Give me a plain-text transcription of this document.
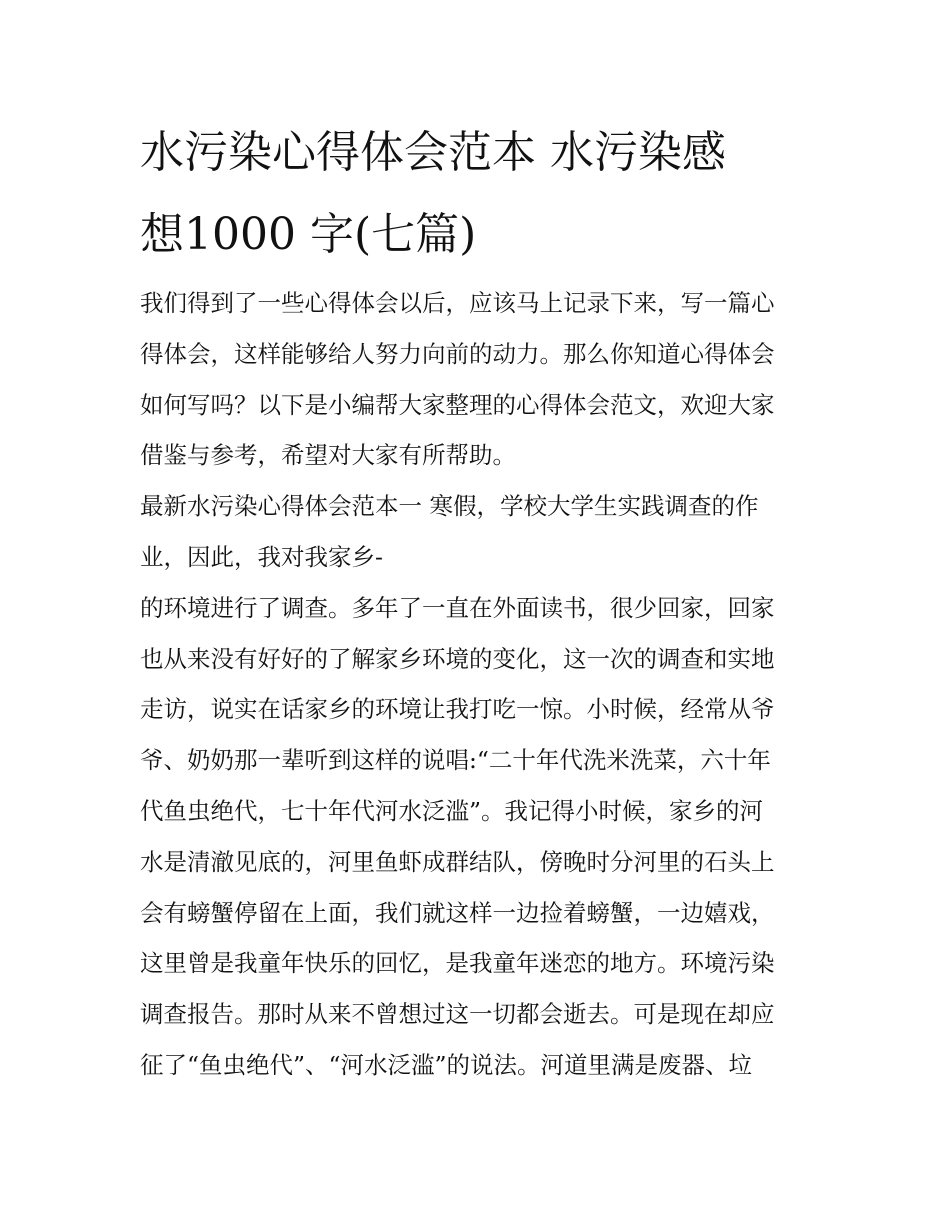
水污染心得体会范本 水污染感
想1000 字(七篇)
我们得到了一些心得体会以后，应该马上记录下来，写一篇心
得体会，这样能够给人努力向前的动力。那么你知道心得体会
如何写吗？以下是小编帮大家整理的心得体会范文，欢迎大家
借鉴与参考，希望对大家有所帮助。
最新水污染心得体会范本一 寒假，学校大学生实践调查的作
业，因此，我对我家乡-
的环境进行了调查。多年了一直在外面读书，很少回家，回家
也从来没有好好的了解家乡环境的变化，这一次的调查和实地
走访，说实在话家乡的环境让我打吃一惊。小时候，经常从爷
爷、奶奶那一辈听到这样的说唱:“二十年代洗米洗菜，六十年
代鱼虫绝代，七十年代河水泛滥”。我记得小时候，家乡的河
水是清澈见底的，河里鱼虾成群结队，傍晚时分河里的石头上
会有螃蟹停留在上面，我们就这样一边捡着螃蟹，一边嬉戏，
这里曾是我童年快乐的回忆，是我童年迷恋的地方。环境污染
调查报告。那时从来不曾想过这一切都会逝去。可是现在却应
征了“鱼虫绝代”、“河水泛滥”的说法。河道里满是废器、垃
